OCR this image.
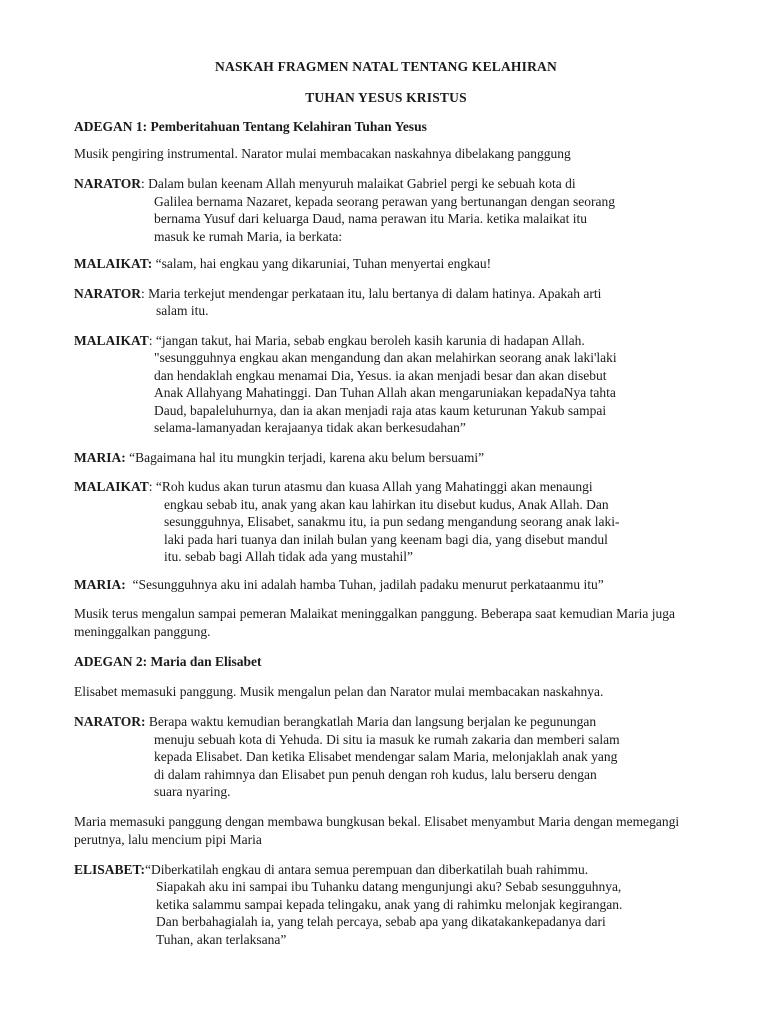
NASKAH FRAGMEN NATAL TENTANG KELAHIRAN

TUHAN YESUS KRISTUS

ADEGAN 1: Pemberitahuan Tentang Kelahiran Tuhan Yesus

Musik pengiring instrumental. Narator mulai membacakan naskahnya dibelakang panggung

NARATOR: Dalam bulan keenam Allah menyuruh malaikat Gabriel pergi ke sebuah kota di
Galilea bernama Nazaret, kepada seorang perawan yang bertunangan dengan seorang
bernama Yusuf dari keluarga Daud, nama perawan itu Maria. ketika malaikat itu
masuk ke rumah Maria, ia berkata:
MALAIKAT: “salam, hai engkau yang dikaruniai, Tuhan menyertai engkau!
NARATOR: Maria terkejut mendengar perkataan itu, lalu bertanya di dalam hatinya. Apakah arti
salam itu.
MALAIKAT: “jangan takut, hai Maria, sebab engkau beroleh kasih karunia di hadapan Allah.
"sesungguhnya engkau akan mengandung dan akan melahirkan seorang anak laki'laki
dan hendaklah engkau menamai Dia, Yesus. ia akan menjadi besar dan akan disebut
Anak Allahyang Mahatinggi. Dan Tuhan Allah akan mengaruniakan kepadaNya tahta
Daud, bapaleluhurnya, dan ia akan menjadi raja atas kaum keturunan Yakub sampai
selama-lamanyadan kerajaanya tidak akan berkesudahan”
MARIA: “Bagaimana hal itu mungkin terjadi, karena aku belum bersuami”
MALAIKAT: “Roh kudus akan turun atasmu dan kuasa Allah yang Mahatinggi akan menaungi
engkau sebab itu, anak yang akan kau lahirkan itu disebut kudus, Anak Allah. Dan
sesungguhnya, Elisabet, sanakmu itu, ia pun sedang mengandung seorang anak laki-
laki pada hari tuanya dan inilah bulan yang keenam bagi dia, yang disebut mandul
itu. sebab bagi Allah tidak ada yang mustahil”
MARIA: “Sesungguhnya aku ini adalah hamba Tuhan, jadilah padaku menurut perkataanmu itu”

Musik terus mengalun sampai pemeran Malaikat meninggalkan panggung. Beberapa saat kemudian Maria juga meninggalkan panggung.

ADEGAN 2: Maria dan Elisabet

Elisabet memasuki panggung. Musik mengalun pelan dan Narator mulai membacakan naskahnya.

NARATOR: Berapa waktu kemudian berangkatlah Maria dan langsung berjalan ke pegunungan
menuju sebuah kota di Yehuda. Di situ ia masuk ke rumah zakaria dan memberi salam
kepada Elisabet. Dan ketika Elisabet mendengar salam Maria, melonjaklah anak yang
di dalam rahimnya dan Elisabet pun penuh dengan roh kudus, lalu berseru dengan
suara nyaring.

Maria memasuki panggung dengan membawa bungkusan bekal. Elisabet menyambut Maria dengan memegangi perutnya, lalu mencium pipi Maria

ELISABET:“Diberkatilah engkau di antara semua perempuan dan diberkatilah buah rahimmu.
Siapakah aku ini sampai ibu Tuhanku datang mengunjungi aku? Sebab sesungguhnya,
ketika salammu sampai kepada telingaku, anak yang di rahimku melonjak kegirangan.
Dan berbahagialah ia, yang telah percaya, sebab apa yang dikatakankepadanya dari
Tuhan, akan terlaksana”
